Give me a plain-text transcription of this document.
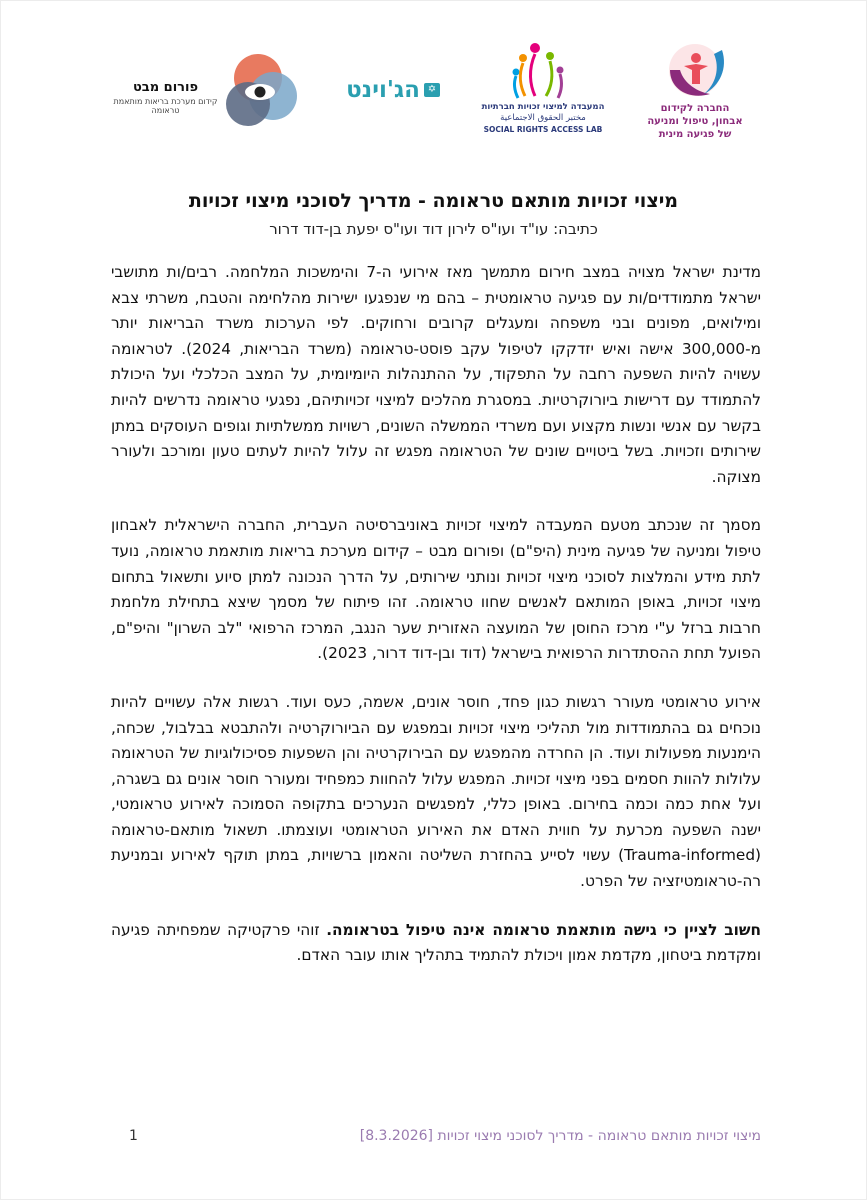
פורום מבט
קידום מערכת בריאות מותאמת טראומה
✡
הג'וינט
המעבדה למיצוי זכויות חברתיות
مختبر الحقوق الاجتماعية
SOCIAL RIGHTS ACCESS LAB
החברה לקידום
אבחון, טיפול ומניעה
של פגיעה מינית
מיצוי זכויות מותאם טראומה - מדריך לסוכני מיצוי זכויות
כתיבה: עו"ד ועו"ס לירון דוד ועו"ס יפעת בן-דוד דרור

מדינת ישראל מצויה במצב חירום מתמשך מאז אירועי ה-7 והימשכות המלחמה. רבים/ות מתושבי ישראל מתמודדים/ות עם פגיעה טראומטית – בהם מי שנפגעו ישירות מהלחימה והטבח, משרתי צבא ומילואים, מפונים ובני משפחה ומעגלים קרובים ורחוקים. לפי הערכות משרד הבריאות יותר מ-300,000 אישה ואיש יזדקקו לטיפול עקב פוסט-טראומה (משרד הבריאות, 2024). לטראומה עשויה להיות השפעה רחבה על התפקוד, על ההתנהלות היומיומית, על המצב הכלכלי ועל היכולת להתמודד עם דרישות ביורוקרטיות. במסגרת מהלכים למיצוי זכויותיהם, נפגעי טראומה נדרשים להיות בקשר עם אנשי ונשות מקצוע ועם משרדי הממשלה השונים, רשויות ממשלתיות וגופים העוסקים במתן שירותים וזכויות. בשל ביטויים שונים של הטראומה מפגש זה עלול להיות לעתים טעון ומורכב ולעורר מצוקה.

מסמך זה שנכתב מטעם המעבדה למיצוי זכויות באוניברסיטה העברית, החברה הישראלית לאבחון טיפול ומניעה של פגיעה מינית (היפ"ם) ופורום מבט – קידום מערכת בריאות מותאמת טראומה, נועד לתת מידע והמלצות לסוכני מיצוי זכויות ונותני שירותים, על הדרך הנכונה למתן סיוע ותשאול בתחום מיצוי זכויות, באופן המותאם לאנשים שחוו טראומה. זהו פיתוח של מסמך שיצא בתחילת מלחמת חרבות ברזל ע"י מרכז החוסן של המועצה האזורית שער הנגב, המרכז הרפואי "לב השרון" והיפ"ם, הפועל תחת ההסתדרות הרפואית בישראל (דוד ובן-דוד דרור, 2023).

אירוע טראומטי מעורר רגשות כגון פחד, חוסר אונים, אשמה, כעס ועוד. רגשות אלה עשויים להיות נוכחים גם בהתמודדות מול תהליכי מיצוי זכויות ובמפגש עם הביורוקרטיה ולהתבטא בבלבול, שכחה, הימנעות מפעולות ועוד. הן החרדה מהמפגש עם הבירוקרטיה והן השפעות פסיכולוגיות של הטראומה עלולות להוות חסמים בפני מיצוי זכויות. המפגש עלול להחוות כמפחיד ומעורר חוסר אונים גם בשגרה, ועל אחת כמה וכמה בחירום. באופן כללי, למפגשים הנערכים בתקופה הסמוכה לאירוע טראומטי, ישנה השפעה מכרעת על חווית האדם את האירוע הטראומטי ועוצמתו. תשאול מותאם-טראומה (Trauma-informed) עשוי לסייע בהחזרת השליטה והאמון ברשויות, במתן תוקף לאירוע ובמניעת רה-טראומטיזציה של הפרט.

חשוב לציין כי גישה מותאמת טראומה אינה טיפול בטראומה. זוהי פרקטיקה שמפחיתה פגיעה ומקדמת ביטחון, מקדמת אמון ויכולת להתמיד בתהליך אותו עובר האדם.

מיצוי זכויות מותאם טראומה - מדריך לסוכני מיצוי זכויות [8.3.2026]
1
